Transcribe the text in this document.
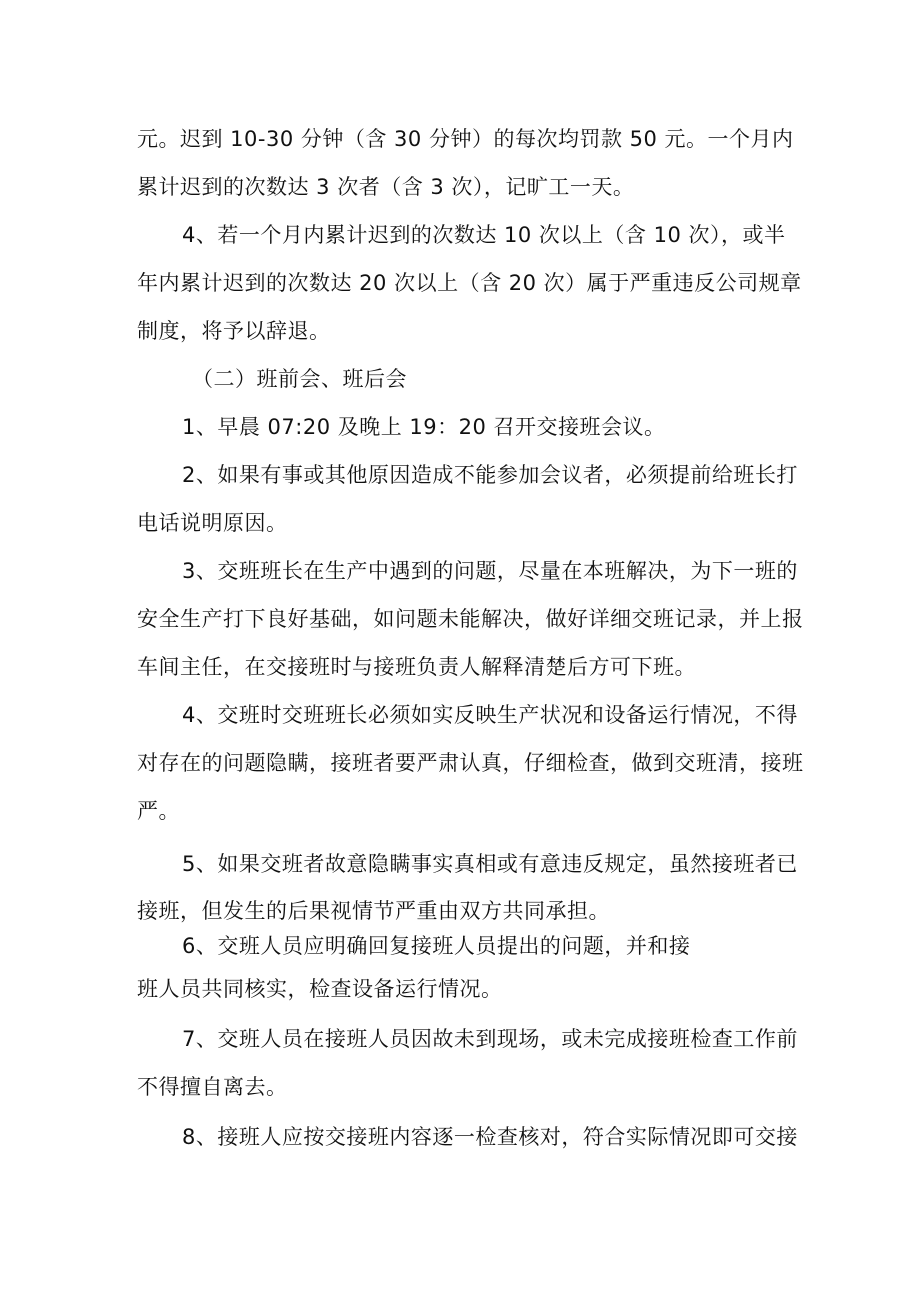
元。迟到 10-30 分钟（含 30 分钟）的每次均罚款 50 元。一个月内
累计迟到的次数达 3 次者（含 3 次），记旷工一天。
4、若一个月内累计迟到的次数达 10 次以上（含 10 次），或半
年内累计迟到的次数达 20 次以上（含 20 次）属于严重违反公司规章
制度，将予以辞退。
（二）班前会、班后会
1、早晨 07:20 及晚上 19：20 召开交接班会议。
2、如果有事或其他原因造成不能参加会议者，必须提前给班长打
电话说明原因。
3、交班班长在生产中遇到的问题，尽量在本班解决，为下一班的
安全生产打下良好基础，如问题未能解决，做好详细交班记录，并上报
车间主任，在交接班时与接班负责人解释清楚后方可下班。
4、交班时交班班长必须如实反映生产状况和设备运行情况，不得
对存在的问题隐瞒，接班者要严肃认真，仔细检查，做到交班清，接班
严。
5、如果交班者故意隐瞒事实真相或有意违反规定，虽然接班者已
接班，但发生的后果视情节严重由双方共同承担。
6、交班人员应明确回复接班人员提出的问题，并和接
班人员共同核实，检查设备运行情况。
7、交班人员在接班人员因故未到现场，或未完成接班检查工作前
不得擅自离去。
8、接班人应按交接班内容逐一检查核对，符合实际情况即可交接
